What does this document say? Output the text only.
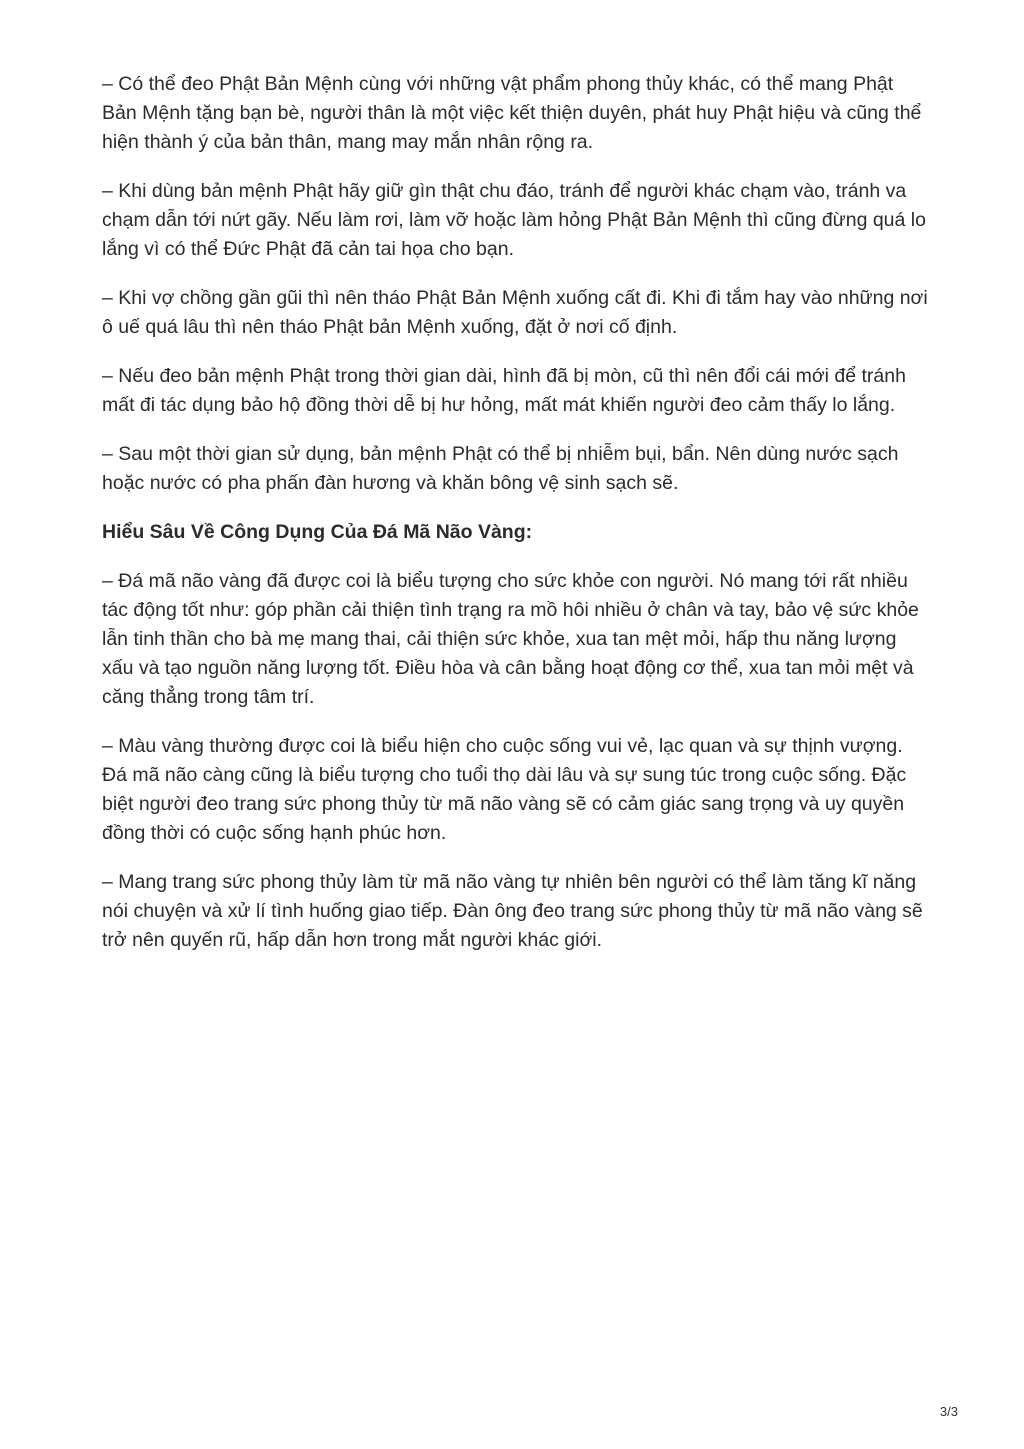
– Có thể đeo Phật Bản Mệnh cùng với những vật phẩm phong thủy khác, có thể mang Phật Bản Mệnh tặng bạn bè, người thân là một việc kết thiện duyên, phát huy Phật hiệu và cũng thể hiện thành ý của bản thân, mang may mắn nhân rộng ra.

– Khi dùng bản mệnh Phật hãy giữ gìn thật chu đáo, tránh để người khác chạm vào, tránh va chạm dẫn tới nứt gãy. Nếu làm rơi, làm vỡ hoặc làm hỏng Phật Bản Mệnh thì cũng đừng quá lo lắng vì có thể Đức Phật đã cản tai họa cho bạn.

– Khi vợ chồng gần gũi thì nên tháo Phật Bản Mệnh xuống cất đi. Khi đi tắm hay vào những nơi ô uế quá lâu thì nên tháo Phật bản Mệnh xuống, đặt ở nơi cố định.

– Nếu đeo bản mệnh Phật trong thời gian dài, hình đã bị mòn, cũ thì nên đổi cái mới để tránh mất đi tác dụng bảo hộ đồng thời dễ bị hư hỏng, mất mát khiến người đeo cảm thấy lo lắng.

– Sau một thời gian sử dụng, bản mệnh Phật có thể bị nhiễm bụi, bẩn. Nên dùng nước sạch hoặc nước có pha phấn đàn hương và khăn bông vệ sinh sạch sẽ.

Hiểu Sâu Về Công Dụng Của Đá Mã Não Vàng:

– Đá mã não vàng đã được coi là biểu tượng cho sức khỏe con người. Nó mang tới rất nhiều tác động tốt như: góp phần cải thiện tình trạng ra mồ hôi nhiều ở chân và tay, bảo vệ sức khỏe lẫn tinh thần cho bà mẹ mang thai, cải thiện sức khỏe, xua tan mệt mỏi, hấp thu năng lượng xấu và tạo nguồn năng lượng tốt. Điều hòa và cân bằng hoạt động cơ thể, xua tan mỏi mệt và căng thẳng trong tâm trí.

– Màu vàng thường được coi là biểu hiện cho cuộc sống vui vẻ, lạc quan và sự thịnh vượng. Đá mã não càng cũng là biểu tượng cho tuổi thọ dài lâu và sự sung túc trong cuộc sống. Đặc biệt người đeo trang sức phong thủy từ mã não vàng sẽ có cảm giác sang trọng và uy quyền đồng thời có cuộc sống hạnh phúc hơn.

– Mang trang sức phong thủy làm từ mã não vàng tự nhiên bên người có thể làm tăng kĩ năng nói chuyện và xử lí tình huống giao tiếp. Đàn ông đeo trang sức phong thủy từ mã não vàng sẽ trở nên quyến rũ, hấp dẫn hơn trong mắt người khác giới.

3/3
